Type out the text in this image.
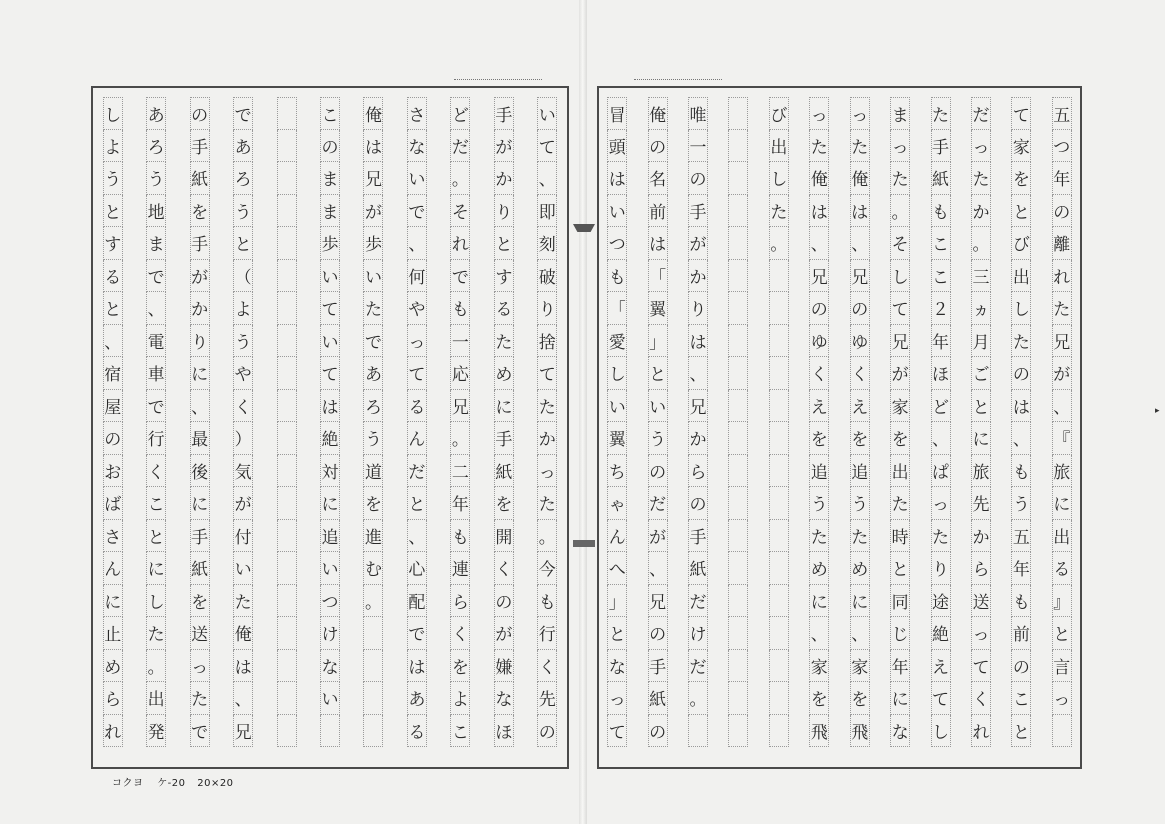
し
よ
う
と
す
る
と
、
宿
屋
の
お
ば
さ
ん
に
止
め
ら
れ
あ
ろ
う
地
ま
で
、
電
車
で
行
く
こ
と
に
し
た
。
出
発
の
手
紙
を
手
が
か
り
に
、
最
後
に
手
紙
を
送
っ
た
で
で
あ
ろ
う
と
（
よ
う
や
く
）
気
が
付
い
た
俺
は
、
兄
こ
の
ま
ま
歩
い
て
い
て
は
絶
対
に
追
い
つ
け
な
い
俺
は
兄
が
歩
い
た
で
あ
ろ
う
道
を
進
む
。
さ
な
い
で
、
何
や
っ
て
る
ん
だ
と
、
心
配
で
は
あ
る
ど
だ
。
そ
れ
で
も
一
応
兄
。
二
年
も
連
ら
く
を
よ
こ
手
が
か
り
と
す
る
た
め
に
手
紙
を
開
く
の
が
嫌
な
ほ
い
て
、
即
刻
破
り
捨
て
た
か
っ
た
。
今
も
行
く
先
の
冒
頭
は
い
つ
も
「
愛
し
い
翼
ち
ゃ
ん
へ
」
と
な
っ
て
俺
の
名
前
は
「
翼
」
と
い
う
の
だ
が
、
兄
の
手
紙
の
唯
一
の
手
が
か
り
は
、
兄
か
ら
の
手
紙
だ
け
だ
。
び
出
し
た
。
っ
た
俺
は
、
兄
の
ゆ
く
え
を
追
う
た
め
に
、
家
を
飛
っ
た
俺
は
、
兄
の
ゆ
く
え
を
追
う
た
め
に
、
家
を
飛
ま
っ
た
。
そ
し
て
兄
が
家
を
出
た
時
と
同
じ
年
に
な
た
手
紙
も
こ
こ
２
年
ほ
ど
、
ぱ
っ
た
り
途
絶
え
て
し
だ
っ
た
か
。
三
ヵ
月
ご
と
に
旅
先
か
ら
送
っ
て
く
れ
て
家
を
と
び
出
し
た
の
は
、
も
う
五
年
も
前
の
こ
と
五
つ
年
の
離
れ
た
兄
が
、
『
旅
に
出
る
』
と
言
っ
コクヨ ケ-20 20×20
▸
